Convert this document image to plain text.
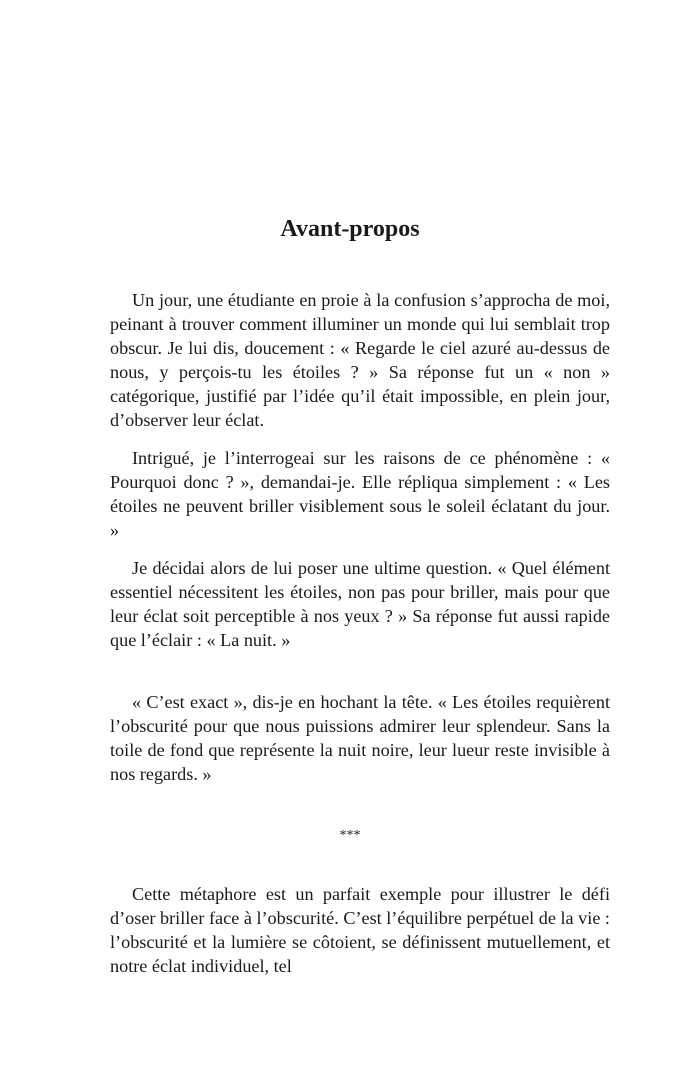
Avant-propos

Un jour, une étudiante en proie à la confusion s’approcha de moi, peinant à trouver comment illuminer un monde qui lui semblait trop obscur. Je lui dis, doucement : « Regarde le ciel azuré au-dessus de nous, y perçois-tu les étoiles ? » Sa réponse fut un « non » catégorique, justifié par l’idée qu’il était impossible, en plein jour, d’observer leur éclat.

Intrigué, je l’interrogeai sur les raisons de ce phénomène : « Pourquoi donc ? », demandai-je. Elle répliqua simplement : « Les étoiles ne peuvent briller visiblement sous le soleil éclatant du jour. »

Je décidai alors de lui poser une ultime question. « Quel élément essentiel nécessitent les étoiles, non pas pour briller, mais pour que leur éclat soit perceptible à nos yeux ? » Sa réponse fut aussi rapide que l’éclair : « La nuit. »

« C’est exact », dis-je en hochant la tête. « Les étoiles requièrent l’obscurité pour que nous puissions admirer leur splendeur. Sans la toile de fond que représente la nuit noire, leur lueur reste invisible à nos regards. »

***

Cette métaphore est un parfait exemple pour illustrer le défi d’oser briller face à l’obscurité. C’est l’équilibre perpétuel de la vie : l’obscurité et la lumière se côtoient, se définissent mutuellement, et notre éclat individuel, tel
